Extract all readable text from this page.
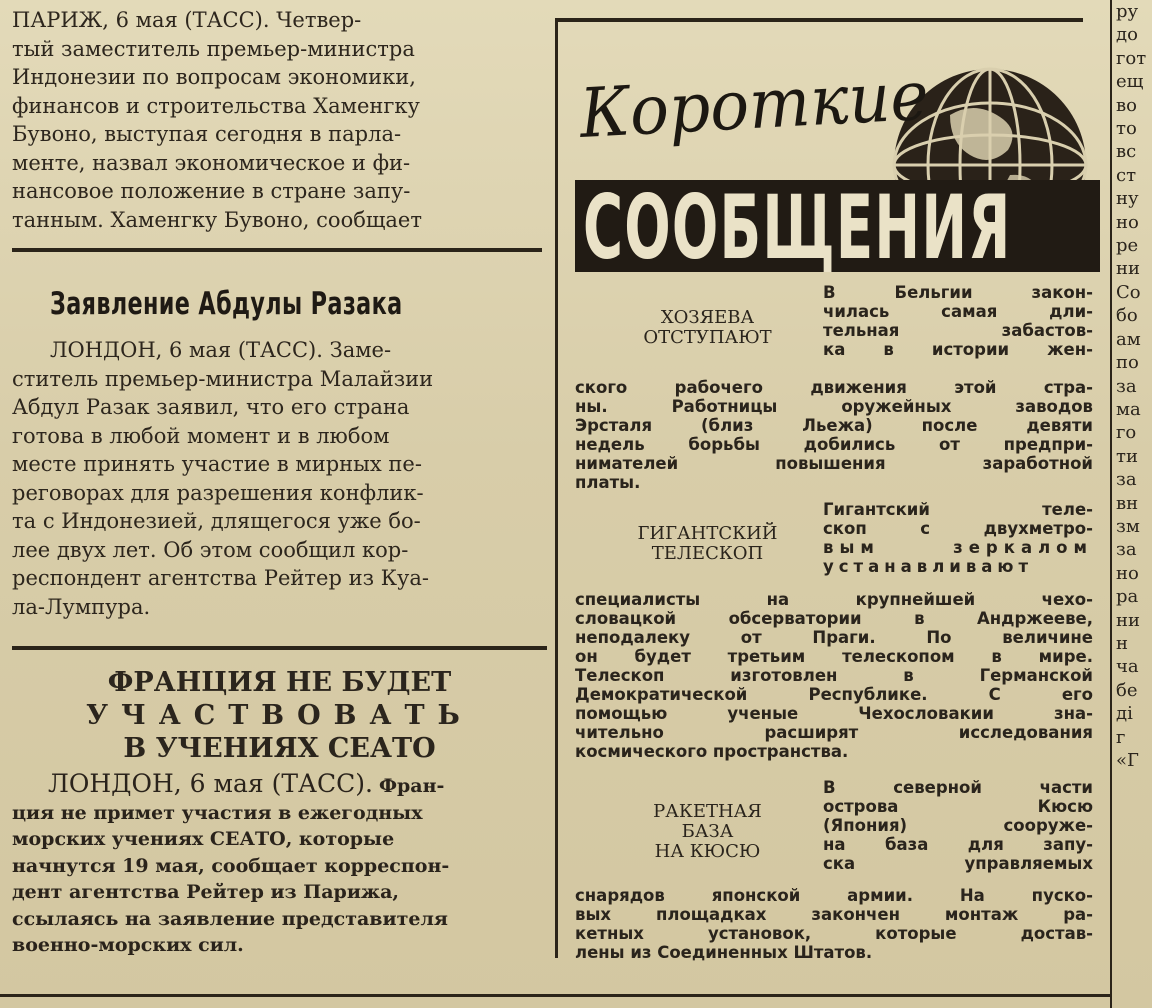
ПАРИЖ, 6 мая (ТАСС). Четвер-
тый заместитель премьер-министра
Индонезии по вопросам экономики,
финансов и строительства Хаменгку
Бувоно, выступая сегодня в парла-
менте, назвал экономическое и фи-
нансовое положение в стране запу-
танным. Хаменгку Бувоно, сообщает

Заявление Абдулы Разака

ЛОНДОН, 6 мая (ТАСС). Заме-
ститель премьер-министра Малайзии
Абдул Разак заявил, что его страна
готова в любой момент и в любом
месте принять участие в мирных пе-
реговорах для разрешения конфлик-
та с Индонезией, длящегося уже бо-
лее двух лет. Об этом сообщил кор-
респондент агентства Рейтер из Куа-
ла-Лумпура.

ФРАНЦИЯ НЕ БУДЕТ

УЧАСТВОВАТЬ

В УЧЕНИЯХ СЕАТО

ЛОНДОН, 6 мая (ТАСС). Фран-
ция не примет участия в ежегодных
морских учениях СЕАТО, которые
начнутся 19 мая, сообщает корреспон-
дент агентства Рейтер из Парижа,
ссылаясь на заявление представителя
военно-морских сил.
Короткие
СООБЩЕНИЯ

ХОЗЯЕВА

ОТСТУПАЮТ

В Бельгии закон-
чилась самая дли-
тельная забастов-
ка в истории жен-
ского рабочего движения этой стра-
ны. Работницы оружейных заводов
Эрсталя (близ Льежа) после девяти
недель борьбы добились от предпри-
нимателей повышения заработной
платы.

ГИГАНТСКИЙ

ТЕЛЕСКОП

Гигантский теле-
скоп с двухметро-
вым зеркалом
устанавливают
специалисты на крупнейшей чехо-
словацкой обсерватории в Андржееве,
неподалеку от Праги. По величине
он будет третьим телескопом в мире.
Телескоп изготовлен в Германской
Демократической Республике. С его
помощью ученые Чехословакии зна-
чительно расширят исследования
космического пространства.

РАКЕТНАЯ

БАЗА

НА КЮСЮ

В северной части
острова Кюсю
(Япония) сооруже-
на база для запу-
ска управляемых
снарядов японской армии. На пуско-
вых площадках закончен монтаж ра-
кетных установок, которые достав-
лены из Соединенных Штатов.
ру
до
гот
ещ
во
то
вс
ст
ну
но
ре
ни
Со
бо
ам
по
за
ма
го
ти
за
вн
зм
за
но
ра
ни
н
ча
бе
ді
г
«Г
